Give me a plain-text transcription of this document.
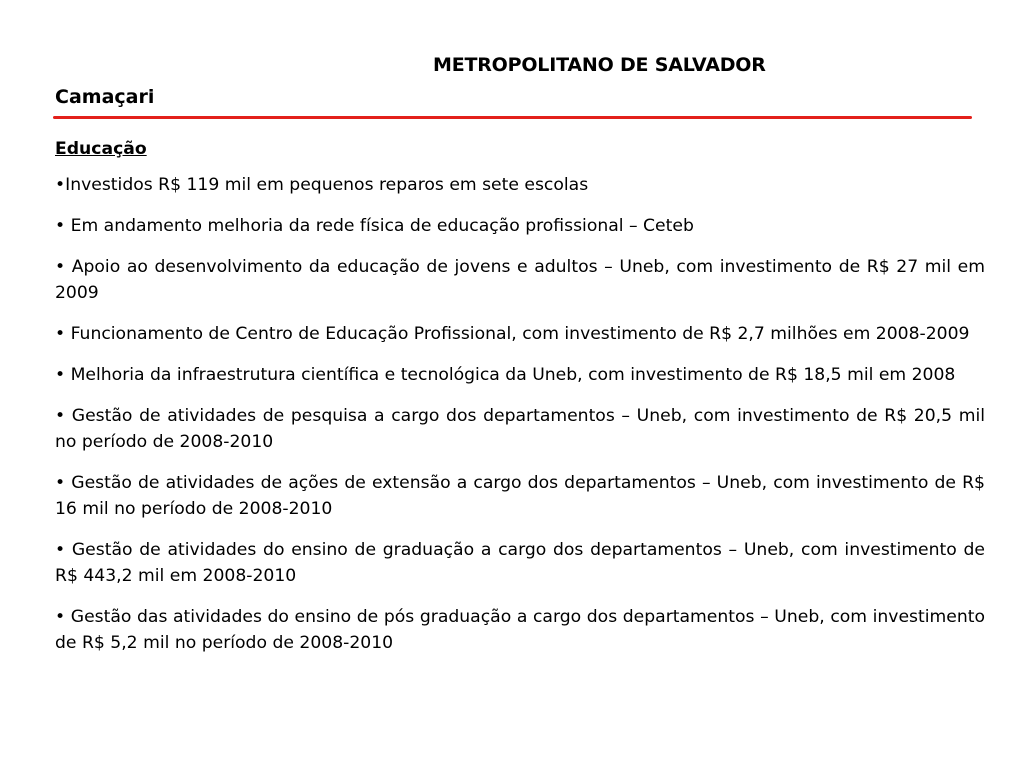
METROPOLITANO DE SALVADOR
Camaçari
Educação
•Investidos R$ 119 mil em pequenos reparos em sete escolas
• Em andamento melhoria da rede física de educação profissional – Ceteb
• Apoio ao desenvolvimento da educação de jovens e adultos – Uneb, com investimento de R$ 27 mil em 2009
• Funcionamento de Centro de Educação Profissional, com investimento de R$ 2,7 milhões em 2008-2009
• Melhoria da infraestrutura científica e tecnológica da Uneb, com investimento de R$ 18,5 mil em 2008
• Gestão de atividades de pesquisa a cargo dos departamentos – Uneb, com investimento de R$ 20,5 mil no período de 2008-2010
• Gestão de atividades de ações de extensão a cargo dos departamentos – Uneb, com investimento de R$ 16 mil no período de 2008-2010
• Gestão de atividades do ensino de graduação a cargo dos departamentos – Uneb, com investimento de R$ 443,2 mil em 2008-2010
• Gestão das atividades do ensino de pós graduação a cargo dos departamentos – Uneb, com investimento de R$ 5,2 mil no período de 2008-2010
